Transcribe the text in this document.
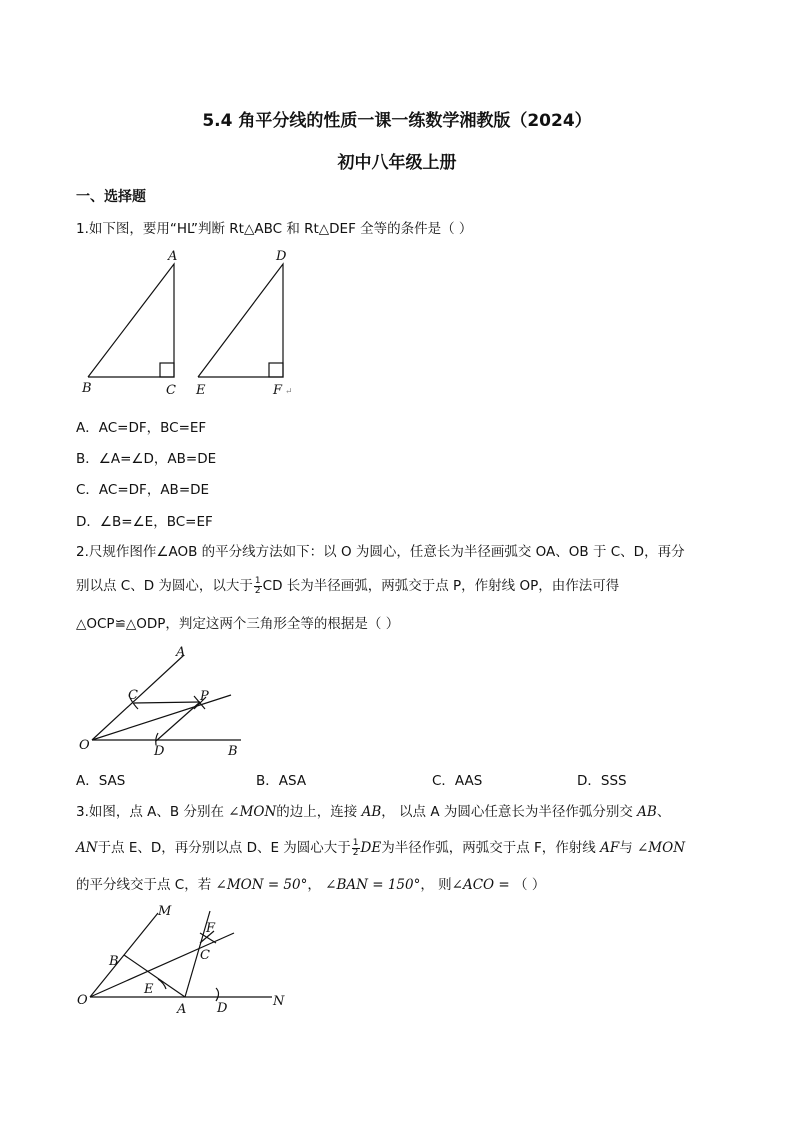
5.4 角平分线的性质一课一练数学湘教版（2024）
初中八年级上册
一、选择题
1.如下图，要用“HL”判断 Rt△ABC 和 Rt△DEF 全等的条件是（ ）
A
B	C
D
E	F ↵
A．AC=DF，BC=EF
B．∠A=∠D，AB=DE
C．AC=DF，AB=DE
D．∠B=∠E，BC=EF
2.尺规作图作∠AOB 的平分线方法如下：以 O 为圆心，任意长为半径画弧交 OA、OB 于 C、D，再分
别以点 C、D 为圆心，以大于 $\frac{1}{2}$ CD 长为半径画弧，两弧交于点 P，作射线 OP，由作法可得
△OCP≌△ODP，判定这两个三角形全等的根据是（ ）
A
C	P
O	D	B
A．SAS	B．ASA	C．AAS	D．SSS
3.如图，点 A、B 分别在 ∠MON的边上，连接 AB， 以点 A 为圆心任意长为半径作弧分别交 AB、
AN于点 E、D，再分别以点 D、E 为圆心大于 $\frac{1}{2}$ DE为半径作弧，两弧交于点 F，作射线 AF与 ∠MON
的平分线交于点 C，若 ∠MON = 50°， ∠BAN = 150°， 则∠ACO = （ ）
M
F
C
B
E
O
A D	N
